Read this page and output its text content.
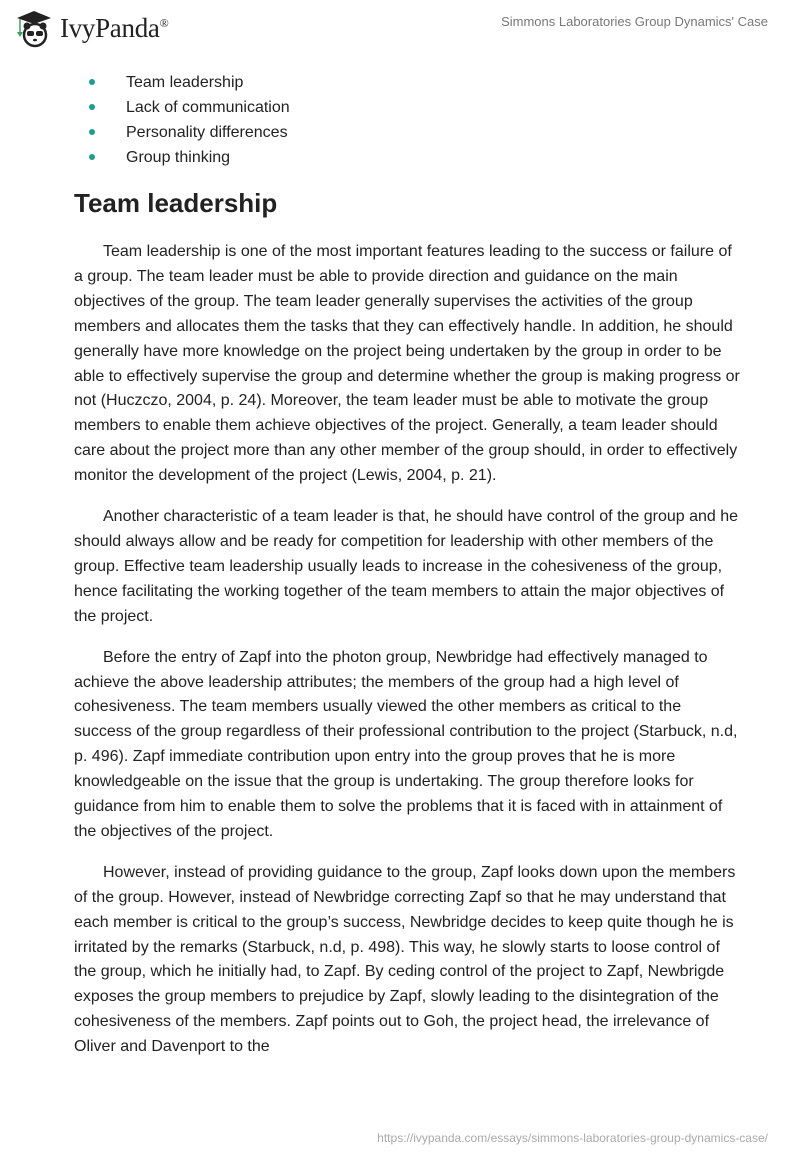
IvyPanda®	Simmons Laboratories Group Dynamics' Case
Team leadership
Lack of communication
Personality differences
Group thinking
Team leadership

Team leadership is one of the most important features leading to the success or failure of a group. The team leader must be able to provide direction and guidance on the main objectives of the group. The team leader generally supervises the activities of the group members and allocates them the tasks that they can effectively handle. In addition, he should generally have more knowledge on the project being undertaken by the group in order to be able to effectively supervise the group and determine whether the group is making progress or not (Huczczo, 2004, p. 24). Moreover, the team leader must be able to motivate the group members to enable them achieve objectives of the project. Generally, a team leader should care about the project more than any other member of the group should, in order to effectively monitor the development of the project (Lewis, 2004, p. 21).

Another characteristic of a team leader is that, he should have control of the group and he should always allow and be ready for competition for leadership with other members of the group. Effective team leadership usually leads to increase in the cohesiveness of the group, hence facilitating the working together of the team members to attain the major objectives of the project.

Before the entry of Zapf into the photon group, Newbridge had effectively managed to achieve the above leadership attributes; the members of the group had a high level of cohesiveness. The team members usually viewed the other members as critical to the success of the group regardless of their professional contribution to the project (Starbuck, n.d, p. 496). Zapf immediate contribution upon entry into the group proves that he is more knowledgeable on the issue that the group is undertaking. The group therefore looks for guidance from him to enable them to solve the problems that it is faced with in attainment of the objectives of the project.

However, instead of providing guidance to the group, Zapf looks down upon the members of the group. However, instead of Newbridge correcting Zapf so that he may understand that each member is critical to the group’s success, Newbridge decides to keep quite though he is irritated by the remarks (Starbuck, n.d, p. 498). This way, he slowly starts to loose control of the group, which he initially had, to Zapf. By ceding control of the project to Zapf, Newbrigde exposes the group members to prejudice by Zapf, slowly leading to the disintegration of the cohesiveness of the members. Zapf points out to Goh, the project head, the irrelevance of Oliver and Davenport to the

https://ivypanda.com/essays/simmons-laboratories-group-dynamics-case/
